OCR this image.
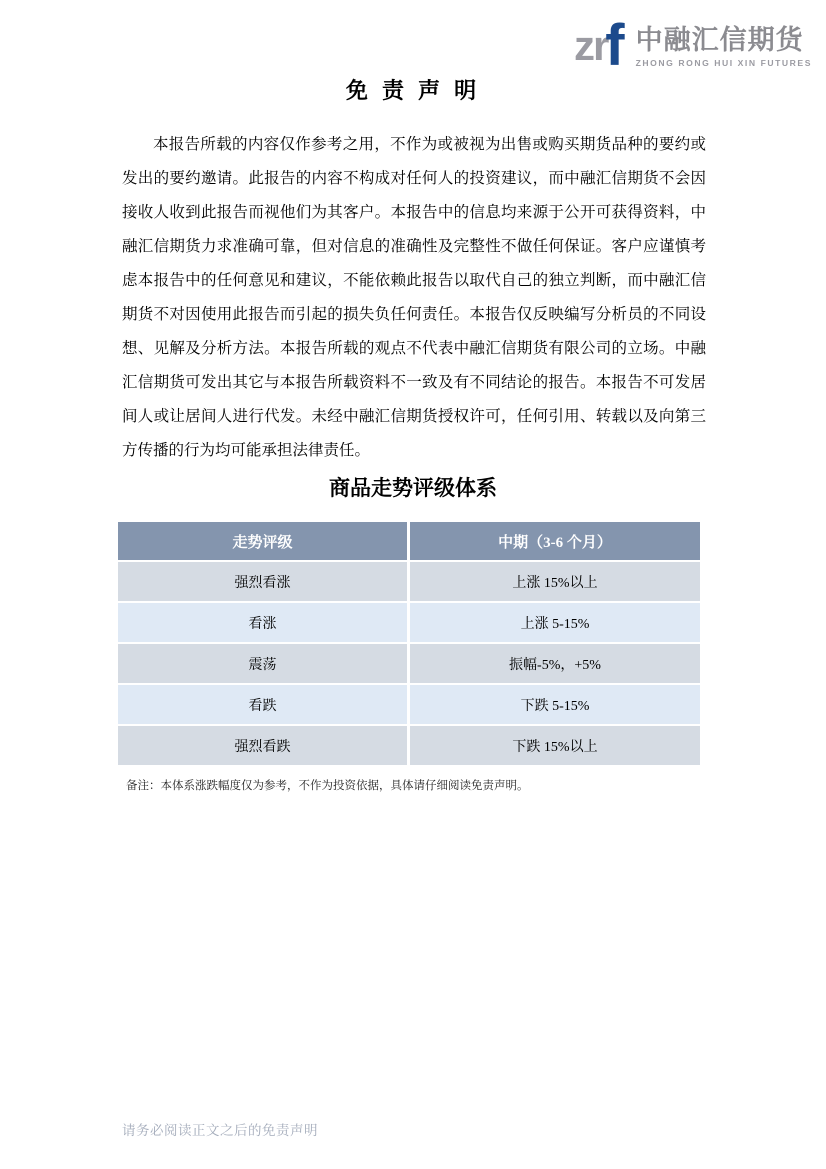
zr
f 中融汇信期货
ZHONG RONG HUI XIN FUTURES
免 责 声 明

本报告所载的内容仅作参考之用，不作为或被视为出售或购买期货品种的要约或发出的要约邀请。此报告的内容不构成对任何人的投资建议，而中融汇信期货不会因接收人收到此报告而视他们为其客户。本报告中的信息均来源于公开可获得资料，中融汇信期货力求准确可靠，但对信息的准确性及完整性不做任何保证。客户应谨慎考虑本报告中的任何意见和建议，不能依赖此报告以取代自己的独立判断，而中融汇信期货不对因使用此报告而引起的损失负任何责任。本报告仅反映编写分析员的不同设想、见解及分析方法。本报告所载的观点不代表中融汇信期货有限公司的立场。中融汇信期货可发出其它与本报告所载资料不一致及有不同结论的报告。本报告不可发居间人或让居间人进行代发。未经中融汇信期货授权许可，任何引用、转载以及向第三方传播的行为均可能承担法律责任。

商品走势评级体系
走势评级	中期（3-6 个月）
强烈看涨	上涨 15%以上
看涨	上涨 5-15%
震荡	振幅-5%，+5%
看跌	下跌 5-15%
强烈看跌	下跌 15%以上

备注：本体系涨跌幅度仅为参考，不作为投资依据，具体请仔细阅读免责声明。

请务必阅读正文之后的免责声明
